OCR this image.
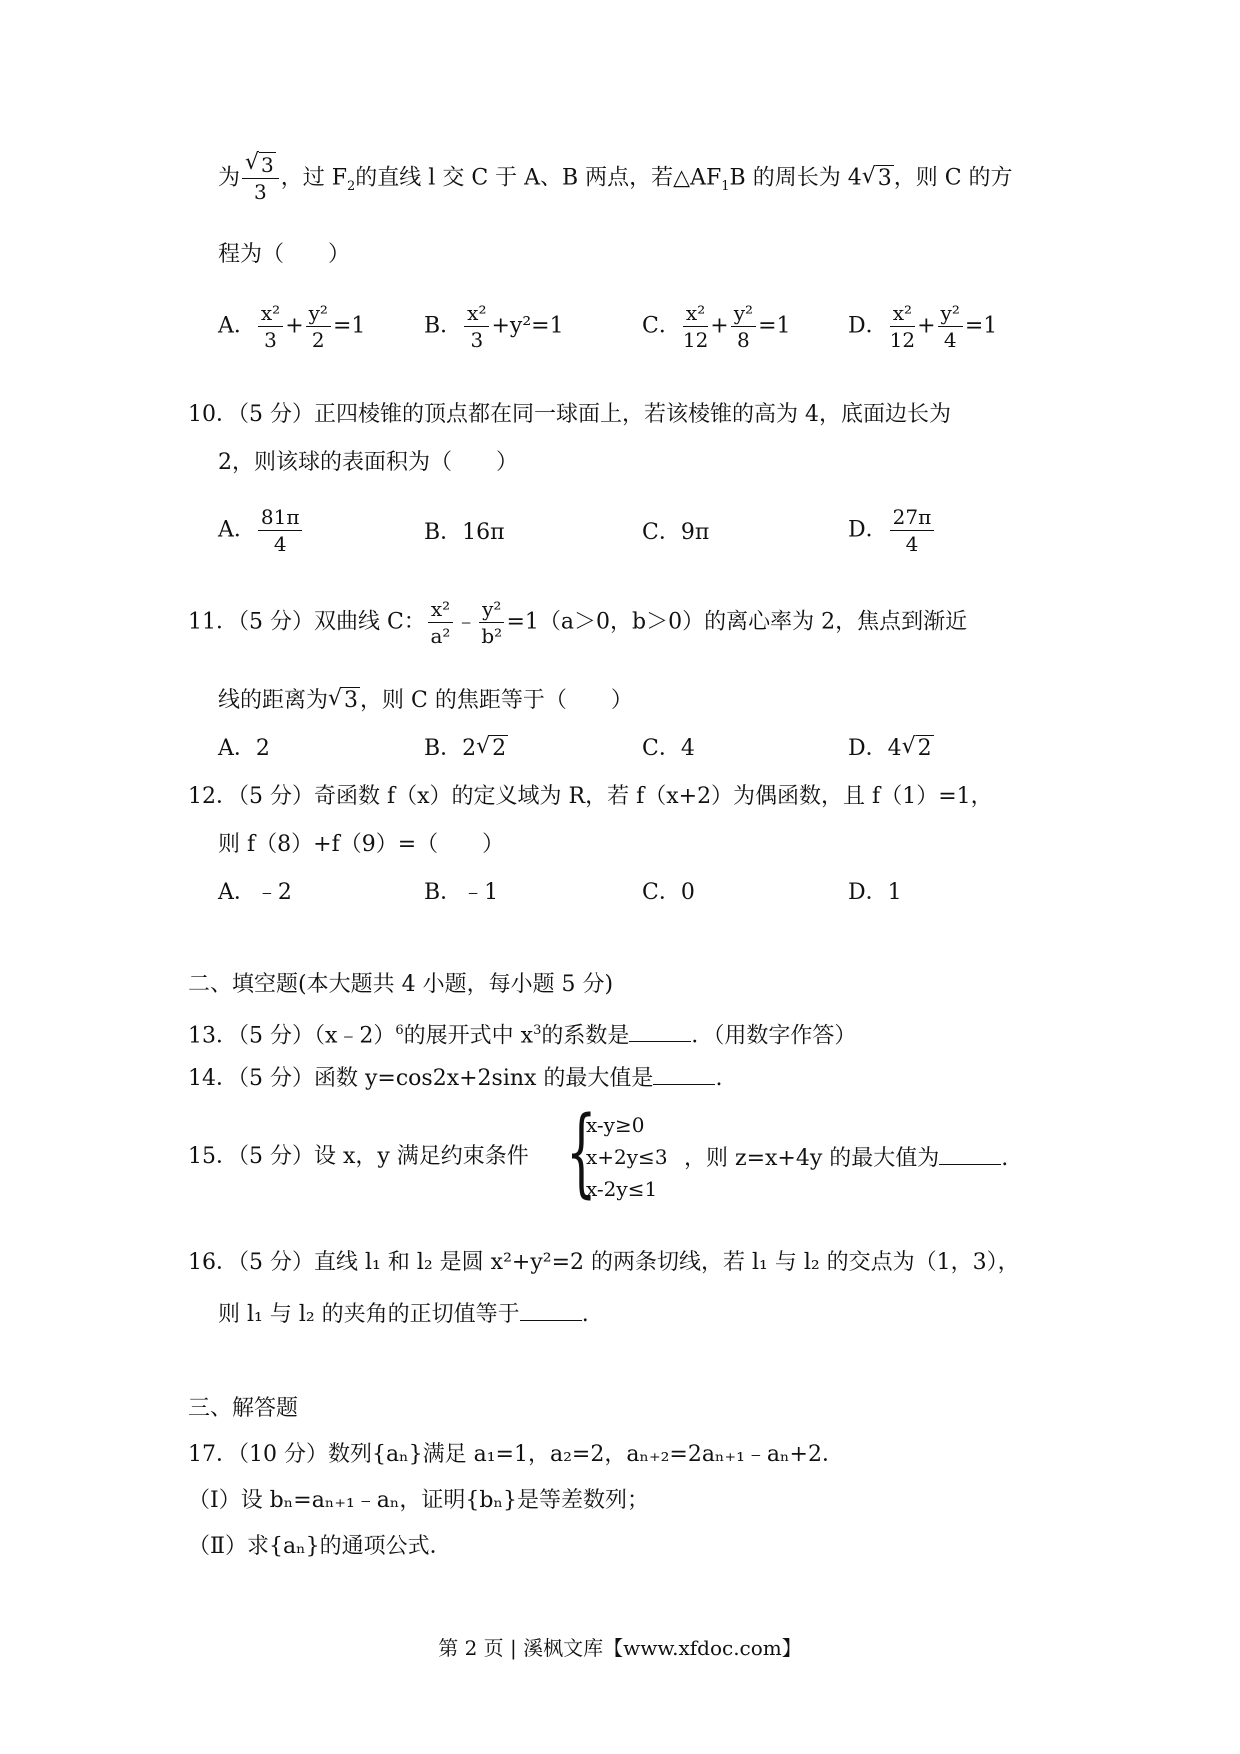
为 √ $\frac{3}{3}$ ，过 $F_2$的直线 l 交 C 于 A、B 两点，若$\triangle AF_1B$ 的周长为 4 √ 3，则 C 的方
程为（　　）
A． $\frac{\text{x²}}{3} + \frac{\text{y²}}{2} =1$	B． $\frac{\text{x²}}{3} +y^2=1$	C． $\frac{\text{x²}}{12} + \frac{\text{y²}}{8} =1$	D． $\frac{\text{x²}}{12} + \frac{\text{y²}}{4} =1$
10．（5 分）正四棱锥的顶点都在同一球面上，若该棱锥的高为 4，底面边长为
2，则该球的表面积为（　　）
A． $\frac{81\pi}{4}$	B．16π	C．9π	D． $\frac{27\pi}{4}$
11．（5 分）双曲线 C： $\frac{\text{x²}}{\text{a²}}$ ﹣ $\frac{\text{y²}}{\text{b²}} =1(a>0$，b＞0）的离心率为 2，焦点到渐近
线的距离为 √ 3，则 C 的焦距等于（　　）
A．2	B．2 √ 2	C．4	D．4 √ 2
12．（5 分）奇函数 f（x）的定义域为 R，若 f（x+2）为偶函数，且 f（1）=1，
则 f（8）+f（9）=（　　）
A．﹣2	B．﹣1	C．0	D．1
二、填空题(本大题共 4 小题，每小题 5 分)
13．（5 分）（x﹣2）$^6$的展开式中 $x^3$的系数是	．（用数字作答）
14．（5 分）函数 y=cos2x+2sinx 的最大值是	.
15．（5 分）设 x，y 满足约束条件 {
x-y≥0
x+2y≤3
x-2y≤1
，则 z=x+4y 的最大值为	.
16．（5 分）直线 l₁ 和 l₂ 是圆 x²+y²=2 的两条切线，若 l₁ 与 l₂ 的交点为（1，3），
则 l₁ 与 l₂ 的夹角的正切值等于	.
三、解答题
17．（10 分）数列{aₙ}满足 a₁=1，a₂=2，aₙ₊₂=2aₙ₊₁﹣aₙ+2．
（Ⅰ）设 bₙ=aₙ₊₁﹣aₙ，证明{bₙ}是等差数列；
（Ⅱ）求{aₙ}的通项公式．
第 2 页 | 溪枫文库【www.xfdoc.com】
